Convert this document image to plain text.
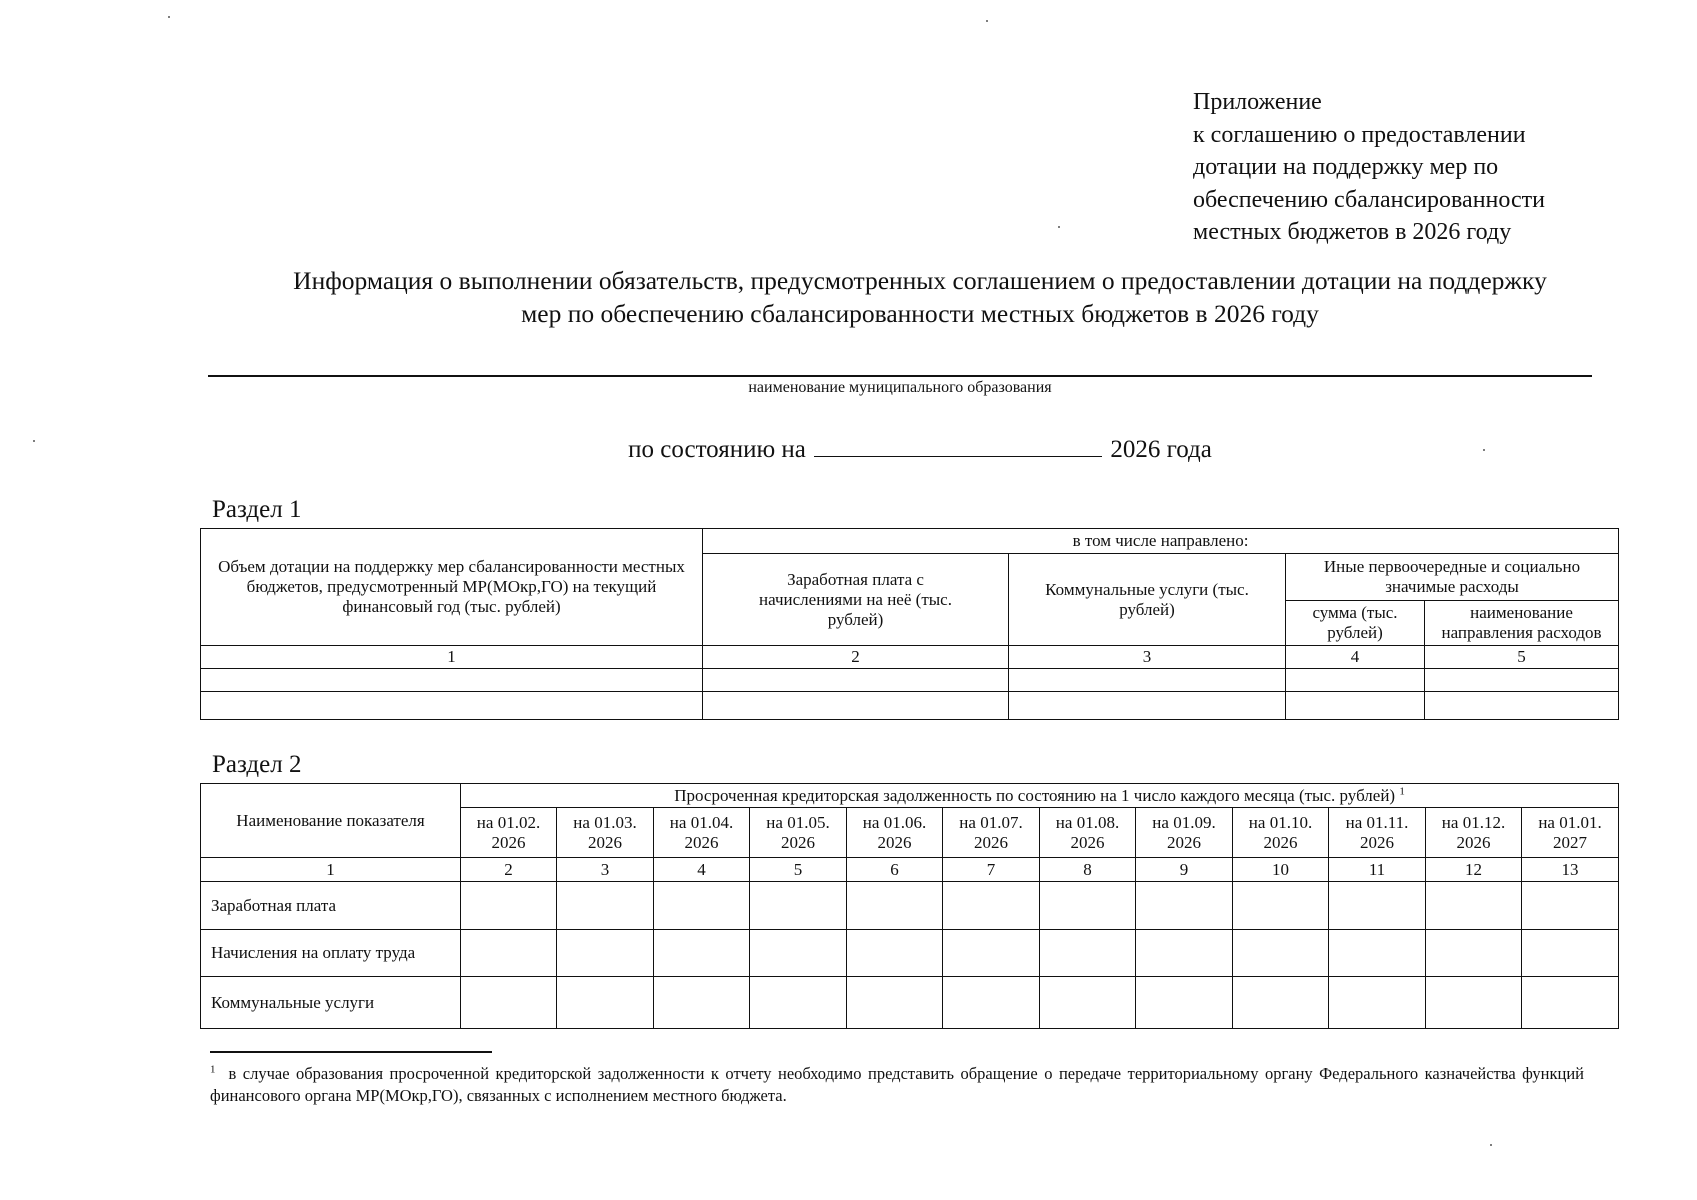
Приложение
к соглашению о предоставлении
дотации на поддержку мер по
обеспечению сбалансированности
местных бюджетов в 2026 году
Информация о выполнении обязательств, предусмотренных соглашением о предоставлении дотации на поддержку
мер по обеспечению сбалансированности местных бюджетов в 2026 году
наименование муниципального образования
по состоянию на	2026 года
Раздел 1
Объем дотации на поддержку мер сбалансированности местных бюджетов, предусмотренный МР(МОкр,ГО) на текущий финансовый год (тыс. рублей)	в том числе направлено:			
	Заработная плата с начислениями на неё (тыс. рублей)	Коммунальные услуги (тыс. рублей)	Иные первоочередные и социально значимые расходы	
			сумма (тыс. рублей)	наименование направления расходов
1	2	3	4	5

Раздел 2
Наименование показателя	Просроченная кредиторская задолженность по состоянию на 1 число каждого месяца (тыс. рублей) $^1$
	на 01.02. 2026	на 01.03. 2026	на 01.04. 2026	на 01.05. 2026	на 01.06. 2026	на 01.07. 2026	на 01.08. 2026	на 01.09. 2026	на 01.10. 2026	на 01.11. 2026	на 01.12. 2026	на 01.01. 2027
1	2	3	4	5	6	7	8	9	10	11	12	13
Заработная плата												
Начисления на оплату труда												
Коммунальные услуги												
$^1$ в случае образования просроченной кредиторской задолженности к отчету необходимо представить обращение о передаче территориальному органу Федерального казначейства функций финансового органа МР(МОкр,ГО), связанных с исполнением местного бюджета.
